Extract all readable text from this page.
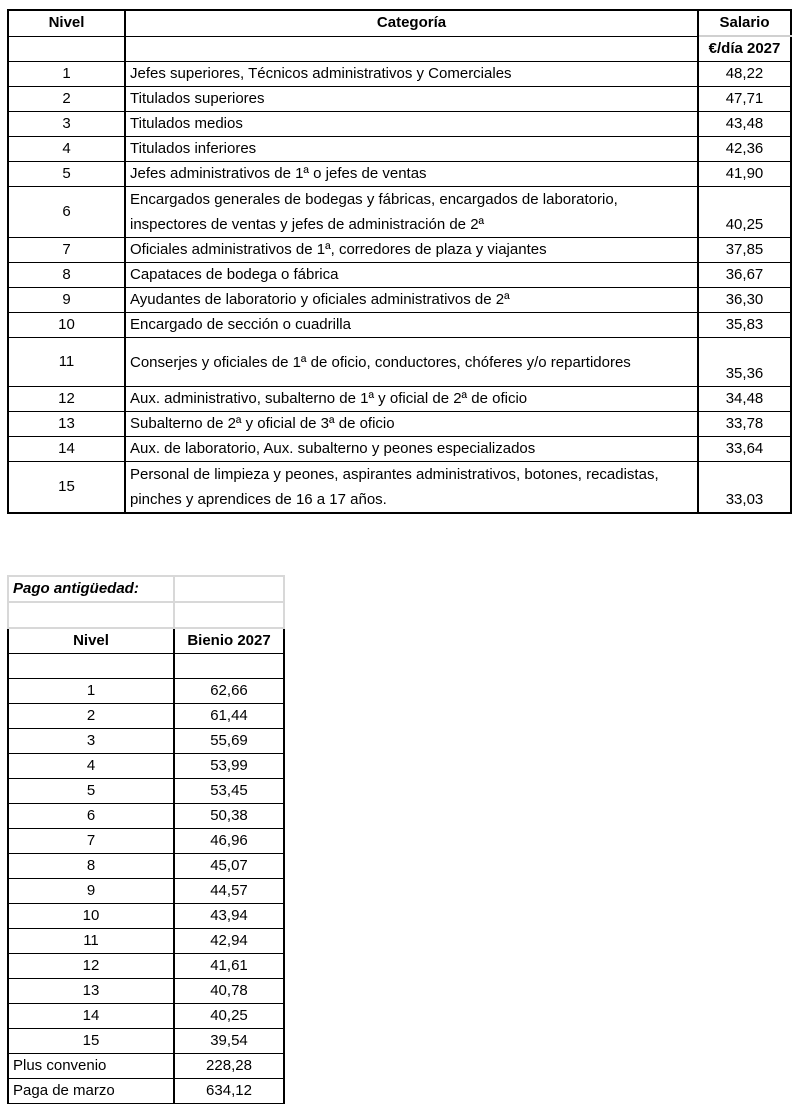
Nivel	Categoría	Salario
		€/día 2027
1	Jefes superiores, Técnicos administrativos y Comerciales	48,22
2	Titulados superiores	47,71
3	Titulados medios	43,48
4	Titulados inferiores	42,36
5	Jefes administrativos de 1ª o jefes de ventas	41,90
6	Encargados generales de bodegas y fábricas, encargados de laboratorio, inspectores de ventas y jefes de administración de 2ª	40,25
7	Oficiales administrativos de 1ª, corredores de plaza y viajantes	37,85
8	Capataces de bodega o fábrica	36,67
9	Ayudantes de laboratorio y oficiales administrativos de 2ª	36,30
10	Encargado de sección o cuadrilla	35,83
11	Conserjes y oficiales de 1ª de oficio, conductores, chóferes y/o repartidores	35,36
12	Aux. administrativo, subalterno de 1ª y oficial de 2ª de oficio	34,48
13	Subalterno de 2ª y oficial de 3ª de oficio	33,78
14	Aux. de laboratorio, Aux. subalterno y peones especializados	33,64
15	Personal de limpieza y peones, aspirantes administrativos, botones, recadistas, pinches y aprendices de 16 a 17 años.	33,03
Pago antigüedad:	

Nivel	Bienio 2027

1	62,66
2	61,44
3	55,69
4	53,99
5	53,45
6	50,38
7	46,96
8	45,07
9	44,57
10	43,94
11	42,94
12	41,61
13	40,78
14	40,25
15	39,54
Plus convenio	228,28
Paga de marzo	634,12
